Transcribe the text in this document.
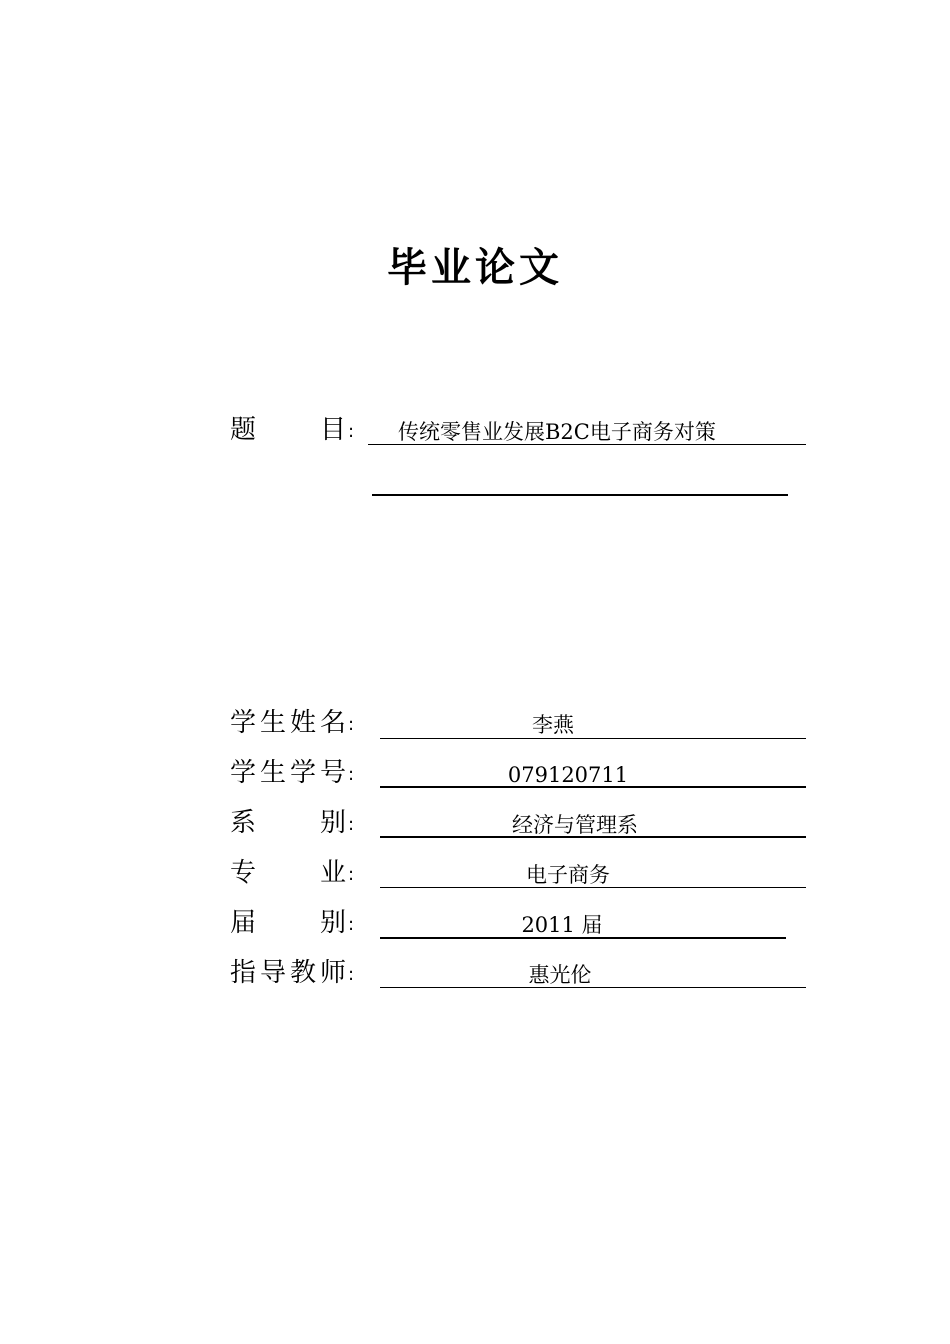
毕业论文
题目 :	传统零售业发展B2C电子商务对策
学生姓名 :	李燕
学生学号 :	079120711
系别 :	经济与管理系
专业 :	电子商务
届别 :	2011 届
指导教师 :	惠光伦
